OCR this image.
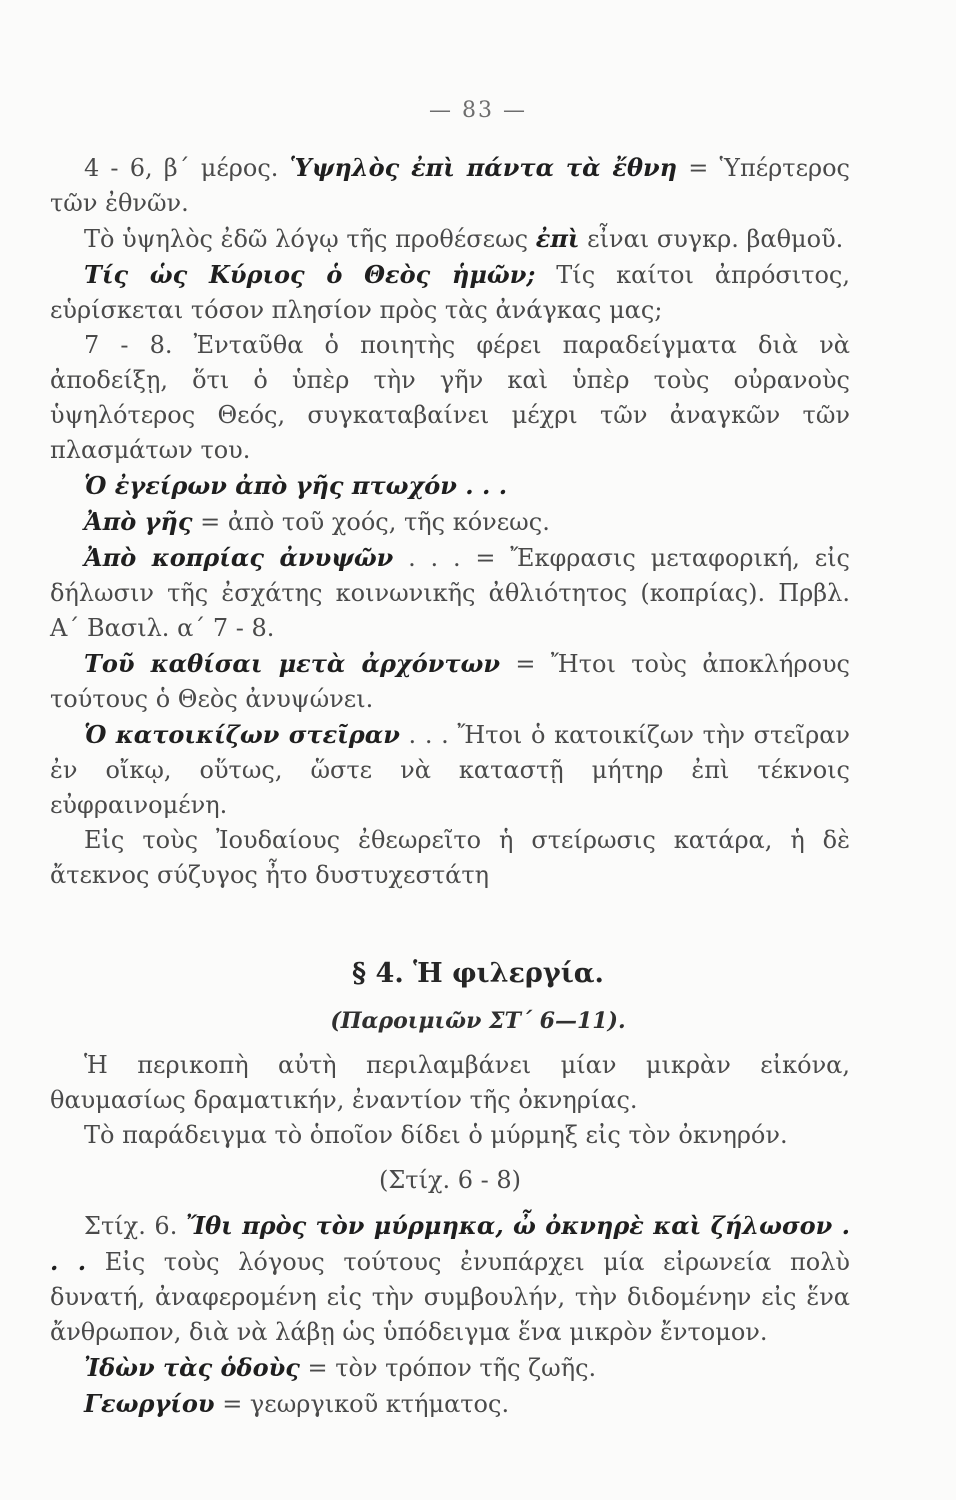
— 83 —

4 - 6, β΄ μέρος. Ὑψηλὸς ἐπὶ πάντα τὰ ἔθνη = Ὑπέρτερος τῶν ἐθνῶν.

Τὸ ὑψηλὸς ἐδῶ λόγῳ τῆς προθέσεως ἐπὶ εἶναι συγκρ. βαθμοῦ.

Τίς ὡς Κύριος ὁ Θεὸς ἡμῶν; Τίς καίτοι ἀπρόσιτος, εὑρίσκεται τόσον πλησίον πρὸς τὰς ἀνάγκας μας;

7 - 8. Ἐνταῦθα ὁ ποιητὴς φέρει παραδείγματα διὰ νὰ ἀποδείξῃ, ὅτι ὁ ὑπὲρ τὴν γῆν καὶ ὑπὲρ τοὺς οὐρανοὺς ὑψηλότερος Θεός, συγκαταβαίνει μέχρι τῶν ἀναγκῶν τῶν πλασμάτων του.

Ὁ ἐγείρων ἀπὸ γῆς πτωχόν . . .

Ἀπὸ γῆς = ἀπὸ τοῦ χοός, τῆς κόνεως.

Ἀπὸ κοπρίας ἀνυψῶν . . . = Ἔκφρασις μεταφορική, εἰς δήλωσιν τῆς ἐσχάτης κοινωνικῆς ἀθλιότητος (κοπρίας). Πρβλ. Α΄ Βασιλ. α΄ 7 - 8.

Τοῦ καθίσαι μετὰ ἀρχόντων = Ἤτοι τοὺς ἀποκλήρους τούτους ὁ Θεὸς ἀνυψώνει.

Ὁ κατοικίζων στεῖραν . . . Ἤτοι ὁ κατοικίζων τὴν στεῖραν ἐν οἴκῳ, οὕτως, ὥστε νὰ καταστῇ μήτηρ ἐπὶ τέκνοις εὐφραινομένη.

Εἰς τοὺς Ἰουδαίους ἐθεωρεῖτο ἡ στείρωσις κατάρα, ἡ δὲ ἄτεκνος σύζυγος ἦτο δυστυχεστάτη

§ 4. Ἡ φιλεργία.
(Παροιμιῶν ΣΤ΄ 6—11).

Ἡ περικοπὴ αὐτὴ περιλαμβάνει μίαν μικρὰν εἰκόνα, θαυμασίως δραματικήν, ἐναντίον τῆς ὀκνηρίας.

Τὸ παράδειγμα τὸ ὁποῖον δίδει ὁ μύρμηξ εἰς τὸν ὀκνηρόν.

(Στίχ. 6 - 8)

Στίχ. 6. Ἴθι πρὸς τὸν μύρμηκα, ὦ ὀκνηρὲ καὶ ζήλωσον . . . Εἰς τοὺς λόγους τούτους ἐνυπάρχει μία εἰρωνεία πολὺ δυνατή, ἀναφερομένη εἰς τὴν συμβουλήν, τὴν διδομένην εἰς ἕνα ἄνθρωπον, διὰ νὰ λάβῃ ὡς ὑπόδειγμα ἕνα μικρὸν ἔντομον.

Ἰδὼν τὰς ὁδοὺς = τὸν τρόπον τῆς ζωῆς.

Γεωργίου = γεωργικοῦ κτήματος.
